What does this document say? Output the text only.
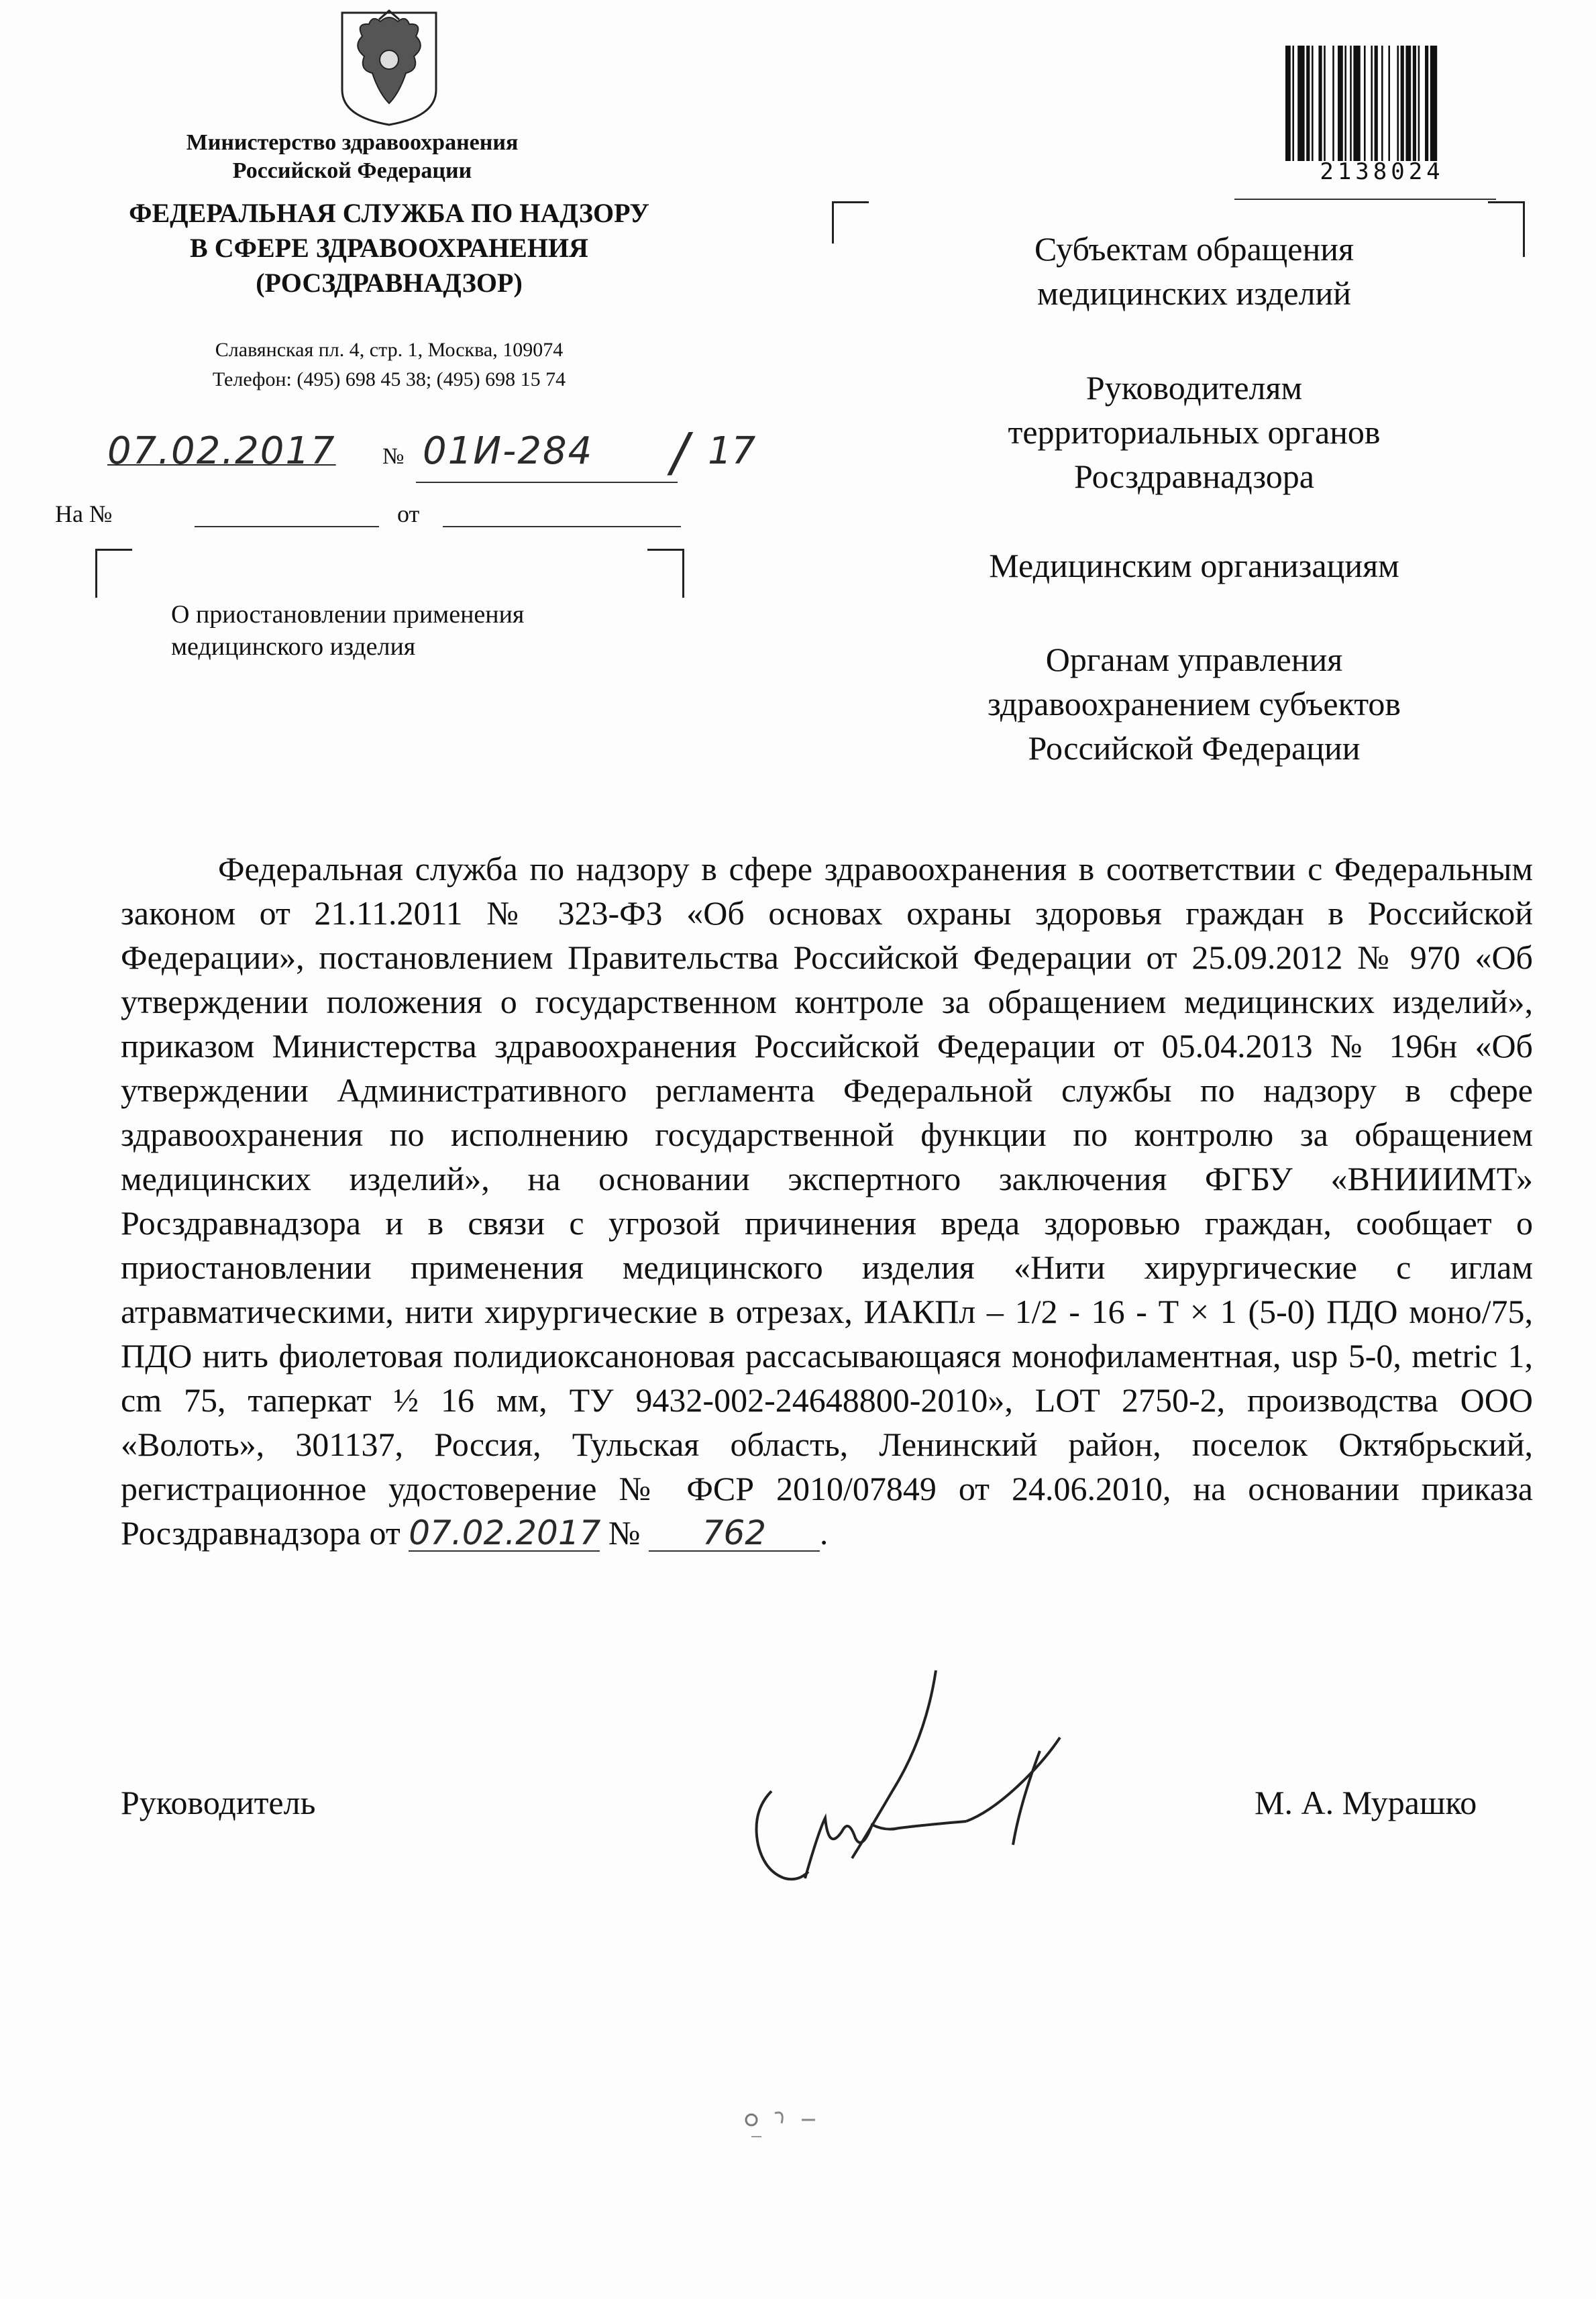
Министерство здравоохранения
Российской Федерации
ФЕДЕРАЛЬНАЯ СЛУЖБА ПО НАДЗОРУ
В СФЕРЕ ЗДРАВООХРАНЕНИЯ
(РОСЗДРАВНАДЗОР)
Славянская пл. 4, стр. 1, Москва, 109074
Телефон: (495) 698 45 38; (495) 698 15 74
07.02.2017 № 01И-284 / 17
На №	от
О приостановлении применения
медицинского изделия
2138024
Субъектам обращения
медицинских изделий
Руководителям
территориальных органов
Росздравнадзора
Медицинским организациям
Органам управления
здравоохранением субъектов
Российской Федерации

Федеральная служба по надзору в сфере здравоохранения в соответствии с Федеральным законом от 21.11.2011 № 323-ФЗ «Об основах охраны здоровья граждан в Российской Федерации», постановлением Правительства Российской Федерации от 25.09.2012 № 970 «Об утверждении положения о государственном контроле за обращением медицинских изделий», приказом Министерства здравоохранения Российской Федерации от 05.04.2013 № 196н «Об утверждении Административного регламента Федеральной службы по надзору в сфере здравоохранения по исполнению государственной функции по контролю за обращением медицинских изделий», на основании экспертного заключения ФГБУ «ВНИИИМТ» Росздравнадзора и в связи с угрозой причинения вреда здоровью граждан, сообщает о приостановлении применения медицинского изделия «Нити хирургические с иглам атравматическими, нити хирургические в отрезах, ИАКПл – 1/2 - 16 - Т × 1 (5-0) ПДО моно/75, ПДО нить фиолетовая полидиоксаноновая рассасывающаяся монофиламентная, usp 5-0, metric 1, cm 75, таперкат ½ 16 мм, ТУ 9432-002-24648800-2010», LOT 2750-2, производства ООО «Волоть», 301137, Россия, Тульская область, Ленинский район, поселок Октябрьский, регистрационное удостоверение № ФСР 2010/07849 от 24.06.2010, на основании приказа Росздравнадзора от 07.02.2017 № 762 .

Руководитель	М. А. Мурашко
